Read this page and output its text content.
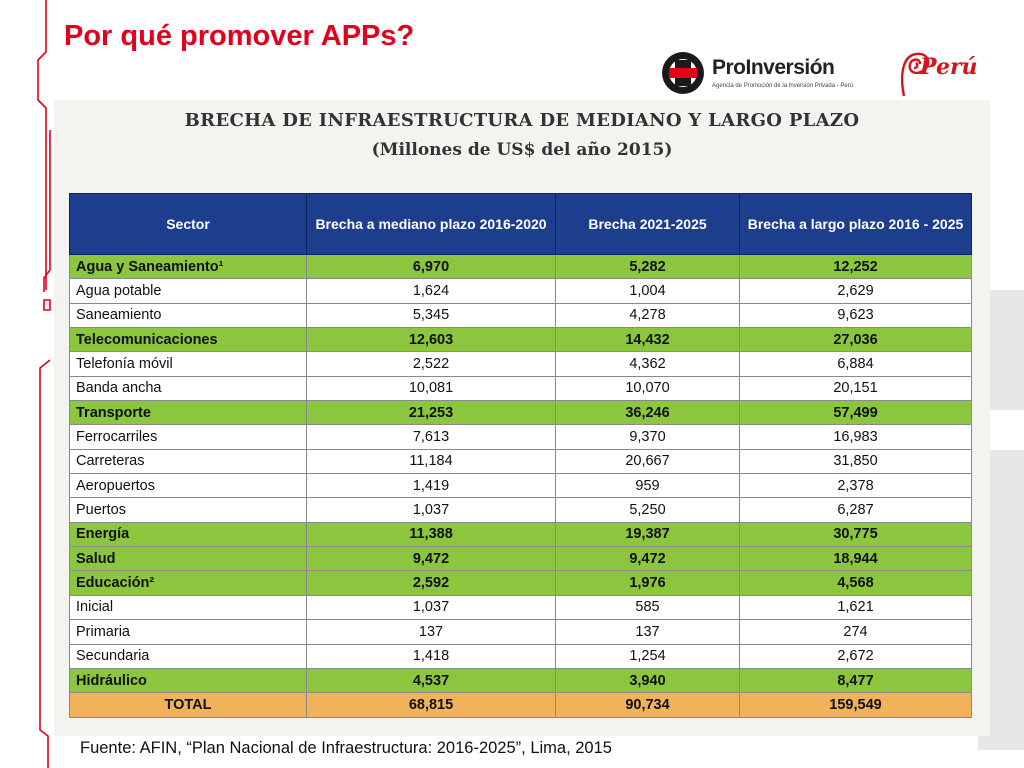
Por qué promover APPs?
ProInversión
Agencia de Promoción de la Inversión Privada - Perú
Perú

BRECHA DE INFRAESTRUCTURA DE MEDIANO Y LARGO PLAZO

(Millones de US$ del año 2015)

Sector	Brecha a mediano plazo 2016-2020	Brecha 2021-2025	Brecha a largo plazo 2016 - 2025
Agua y Saneamiento¹	6,970	5,282	12,252
Agua potable	1,624	1,004	2,629
Saneamiento	5,345	4,278	9,623
Telecomunicaciones	12,603	14,432	27,036
Telefonía móvil	2,522	4,362	6,884
Banda ancha	10,081	10,070	20,151
Transporte	21,253	36,246	57,499
Ferrocarriles	7,613	9,370	16,983
Carreteras	11,184	20,667	31,850
Aeropuertos	1,419	959	2,378
Puertos	1,037	5,250	6,287
Energía	11,388	19,387	30,775
Salud	9,472	9,472	18,944
Educación²	2,592	1,976	4,568
Inicial	1,037	585	1,621
Primaria	137	137	274
Secundaria	1,418	1,254	2,672
Hidráulico	4,537	3,940	8,477
TOTAL	68,815	90,734	159,549

Fuente: AFIN, “Plan Nacional de Infraestructura: 2016-2025”, Lima, 2015
